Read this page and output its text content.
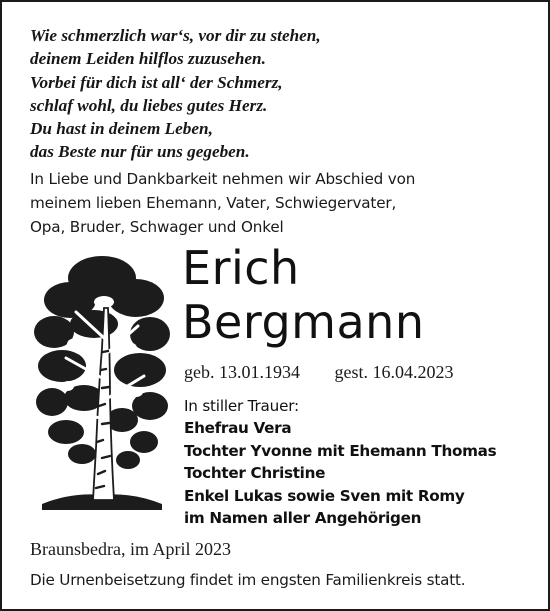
Wie schmerzlich war‘s, vor dir zu stehen,
deinem Leiden hilflos zuzusehen.
Vorbei für dich ist all‘ der Schmerz,
schlaf wohl, du liebes gutes Herz.
Du hast in deinem Leben,
das Beste nur für uns gegeben.
In Liebe und Dankbarkeit nehmen wir Abschied von
meinem lieben Ehemann, Vater, Schwiegervater,
Opa, Bruder, Schwager und Onkel
Erich
Bergmann
geb. 13.01.1934 gest. 16.04.2023
In stiller Trauer:
Ehefrau Vera
Tochter Yvonne mit Ehemann Thomas
Tochter Christine
Enkel Lukas sowie Sven mit Romy
im Namen aller Angehörigen
Braunsbedra, im April 2023
Die Urnenbeisetzung findet im engsten Familienkreis statt.
